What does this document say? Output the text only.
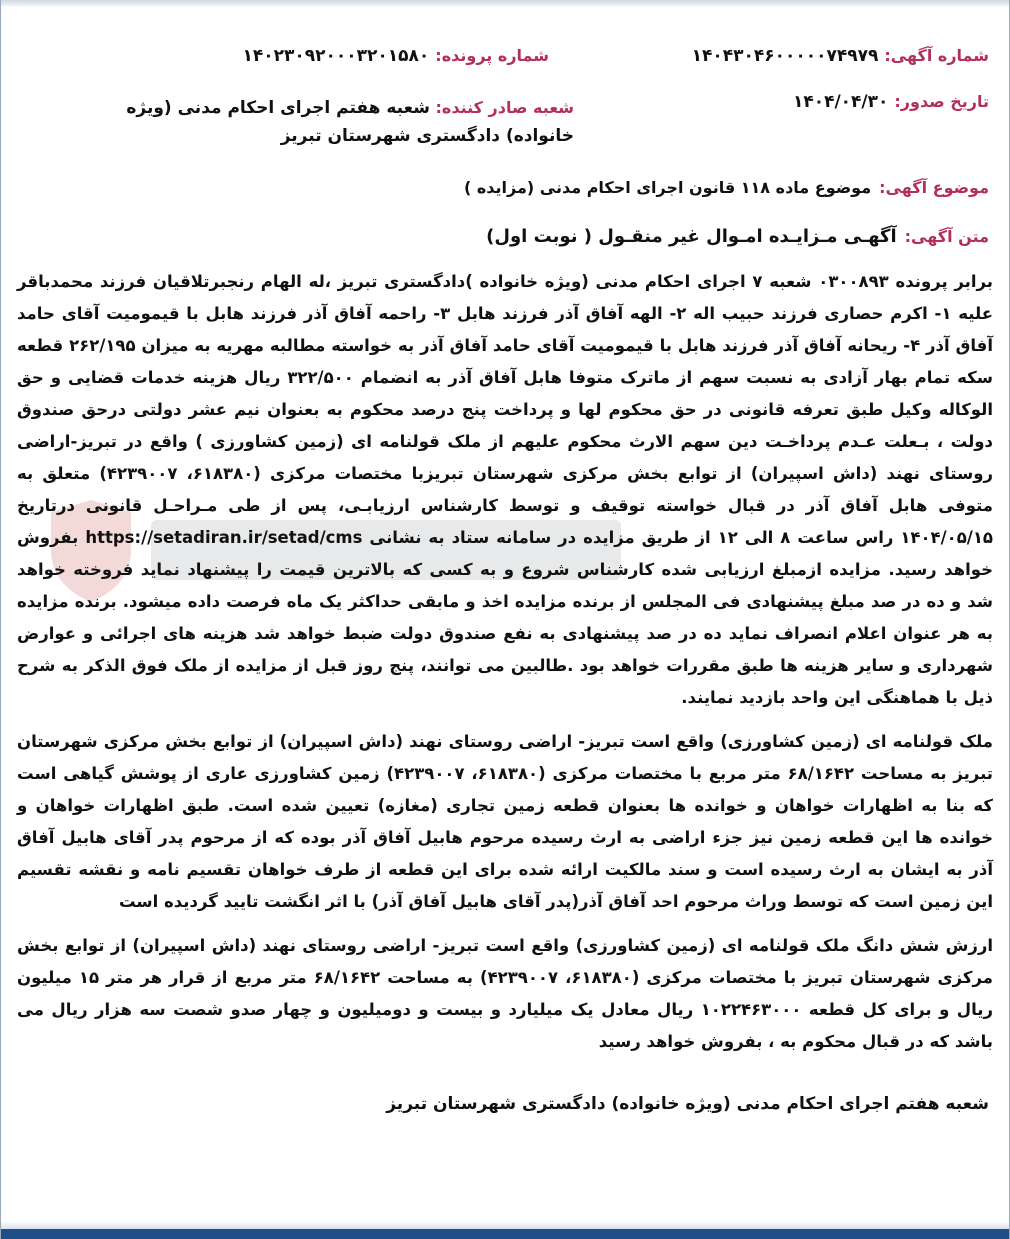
شماره آگهی:
۱۴۰۴۳۰۴۶۰۰۰۰۰۷۴۹۷۹
شماره پرونده:
۱۴۰۲۳۰۹۲۰۰۰۳۲۰۱۵۸۰
تاریخ صدور:
۱۴۰۴/۰۴/۳۰
شعبه صادر کننده: شعبه هفتم اجرای احکام مدنی (ویژه خانواده) دادگستری شهرستان تبریز
موضوع آگهی:
موضوع ماده ۱۱۸ قانون اجرای احکام مدنی (مزایده )
متن آگهی:
آگهـی مـزایـده امـوال غیر منقـول ( نوبت اول)

برابر پرونده ۰۳۰۰۸۹۳ شعبه ۷ اجرای احکام مدنی (ویژه خانواده )دادگستری تبریز ،له الهام رنجبرتلاقیان فرزند محمدباقر علیه ۱- اکرم حصاری فرزند حبیب اله ۲- الهه آفاق آذر فرزند هابل ۳- راحمه آفاق آذر فرزند هابل با قیمومیت آقای حامد آفاق آذر ۴- ریحانه آفاق آذر فرزند هابل با قیمومیت آقای حامد آفاق آذر به خواسته مطالبه مهریه به میزان ۲۶۲/۱۹۵ قطعه سکه تمام بهار آزادی به نسبت سهم از ماترک متوفا هابل آفاق آذر به انضمام ۳۲۲/۵۰۰ ریال هزینه خدمات قضایی و حق الوکاله وکیل طبق تعرفه قانونی در حق محکوم لها و پرداخت پنج درصد محکوم به بعنوان نیم عشر دولتی درحق صندوق دولت ، بـعلت عـدم پرداخـت دین سهم الارث محکوم علیهم از ملک قولنامه ای (زمین کشاورزی ) واقع در تبریز-اراضی روستای نهند (داش اسپیران) از توابع بخش مرکزی شهرستان تبریزبا مختصات مرکزی (۶۱۸۳۸۰، ۴۲۳۹۰۰۷) متعلق به متوفی هابل آفاق آذر در قبال خواسته توقیف و توسط کارشناس ارزیابـی، پس از طی مـراحـل قانونی درتاریخ ۱۴۰۴/۰۵/۱۵ راس ساعت ۸ الی ۱۲ از طریق مزایده در سامانه ستاد به نشانی https://setadiran.ir/setad/cms بفروش خواهد رسید. مزایده ازمبلغ ارزیابی شده کارشناس شروع و به کسی که بالاترین قیمت را پیشنهاد نماید فروخته خواهد شد و ده در صد مبلغ پیشنهادی فی المجلس از برنده مزایده اخذ و مابقی حداکثر یک ماه فرصت داده میشود. برنده مزایده به هر عنوان اعلام انصراف نماید ده در صد پیشنهادی به نفع صندوق دولت ضبط خواهد شد هزینه های اجرائی و عوارض شهرداری و سایر هزینه ها طبق مقررات خواهد بود .طالبین می توانند، پنج روز قبل از مزایده از ملک فوق الذکر به شرح ذیل با هماهنگی این واحد بازدید نمایند.

ملک قولنامه ای (زمین کشاورزی) واقع است تبریز- اراضی روستای نهند (داش اسپیران) از توابع بخش مرکزی شهرستان تبریز به مساحت ۶۸/۱۶۴۲ متر مربع با مختصات مرکزی (۶۱۸۳۸۰، ۴۲۳۹۰۰۷) زمین کشاورزی عاری از پوشش گیاهی است که بنا به اظهارات خواهان و خوانده ها بعنوان قطعه زمین تجاری (مغازه) تعیین شده است. طبق اظهارات خواهان و خوانده ها این قطعه زمین نیز جزء اراضی به ارث رسیده مرحوم هابیل آفاق آذر بوده که از مرحوم پدر آقای هابیل آفاق آذر به ایشان به ارث رسیده است و سند مالکیت ارائه شده برای این قطعه از طرف خواهان تقسیم نامه و نقشه تقسیم این زمین است که توسط وراث مرحوم احد آفاق آذر(پدر آقای هابیل آفاق آذر) با اثر انگشت تایید گردیده است

ارزش شش دانگ ملک قولنامه ای (زمین کشاورزی) واقع است تبریز- اراضی روستای نهند (داش اسپیران) از توابع بخش مرکزی شهرستان تبریز با مختصات مرکزی (۶۱۸۳۸۰، ۴۲۳۹۰۰۷) به مساحت ۶۸/۱۶۴۲ متر مربع از قرار هر متر ۱۵ میلیون ریال و برای کل قطعه ۱۰۲۲۴۶۳۰۰۰ ریال معادل یک میلیارد و بیست و دومیلیون و چهار صدو شصت سه هزار ریال می باشد که در قبال محکوم به ، بفروش خواهد رسید

شعبه هفتم اجرای احکام مدنی (ویژه خانواده) دادگستری شهرستان تبریز
